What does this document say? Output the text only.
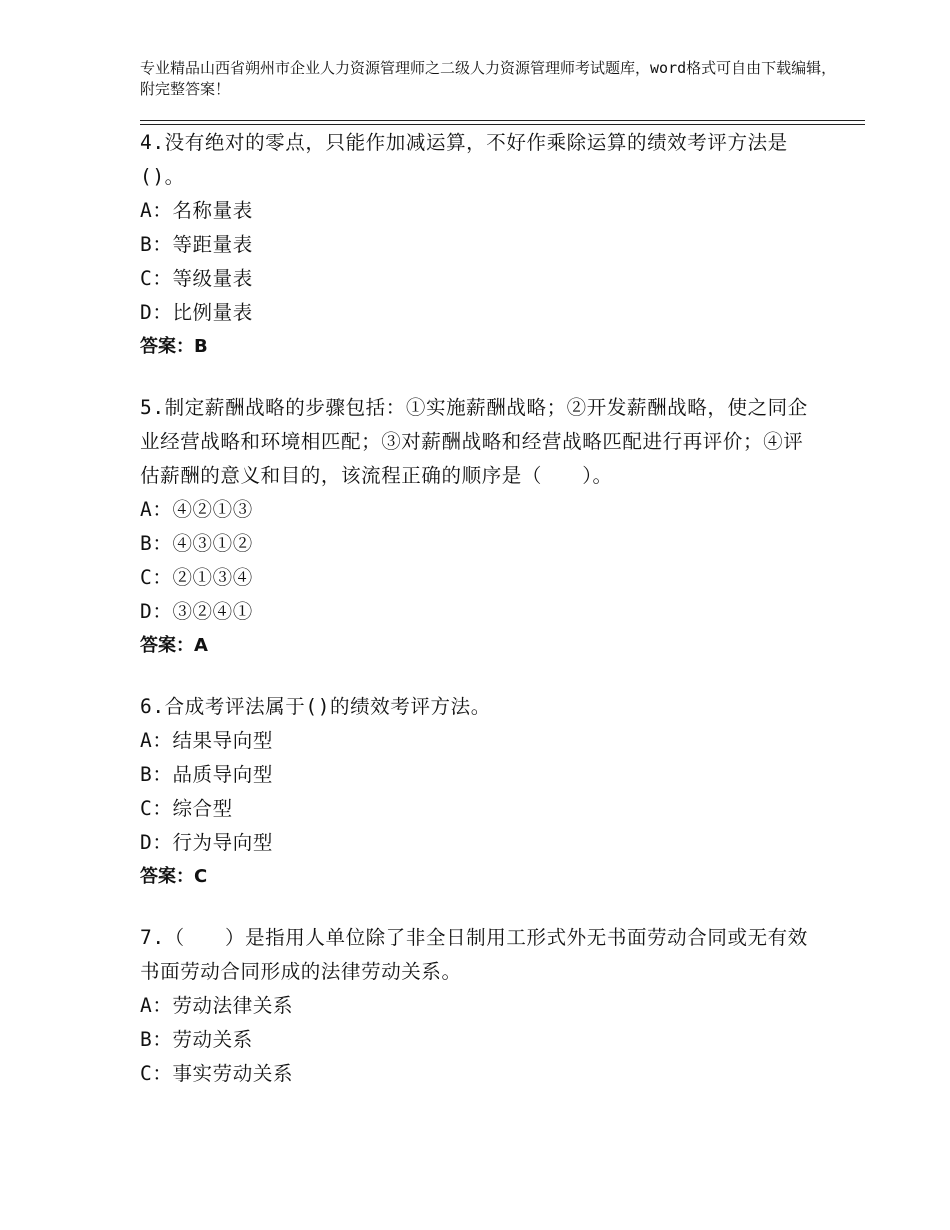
专业精品山西省朔州市企业人力资源管理师之二级人力资源管理师考试题库，word格式可自由下载编辑，附完整答案！
4.没有绝对的零点，只能作加减运算，不好作乘除运算的绩效考评方法是()。
A：名称量表
B：等距量表
C：等级量表
D：比例量表
答案：B
5.制定薪酬战略的步骤包括：①实施薪酬战略；②开发薪酬战略，使之同企业经营战略和环境相匹配；③对薪酬战略和经营战略匹配进行再评价；④评估薪酬的意义和目的，该流程正确的顺序是（　　）。
A：④②①③
B：④③①②
C：②①③④
D：③②④①
答案：A
6.合成考评法属于()的绩效考评方法。
A：结果导向型
B：品质导向型
C：综合型
D：行为导向型
答案：C
7.（　　）是指用人单位除了非全日制用工形式外无书面劳动合同或无有效书面劳动合同形成的法律劳动关系。
A：劳动法律关系
B：劳动关系
C：事实劳动关系
